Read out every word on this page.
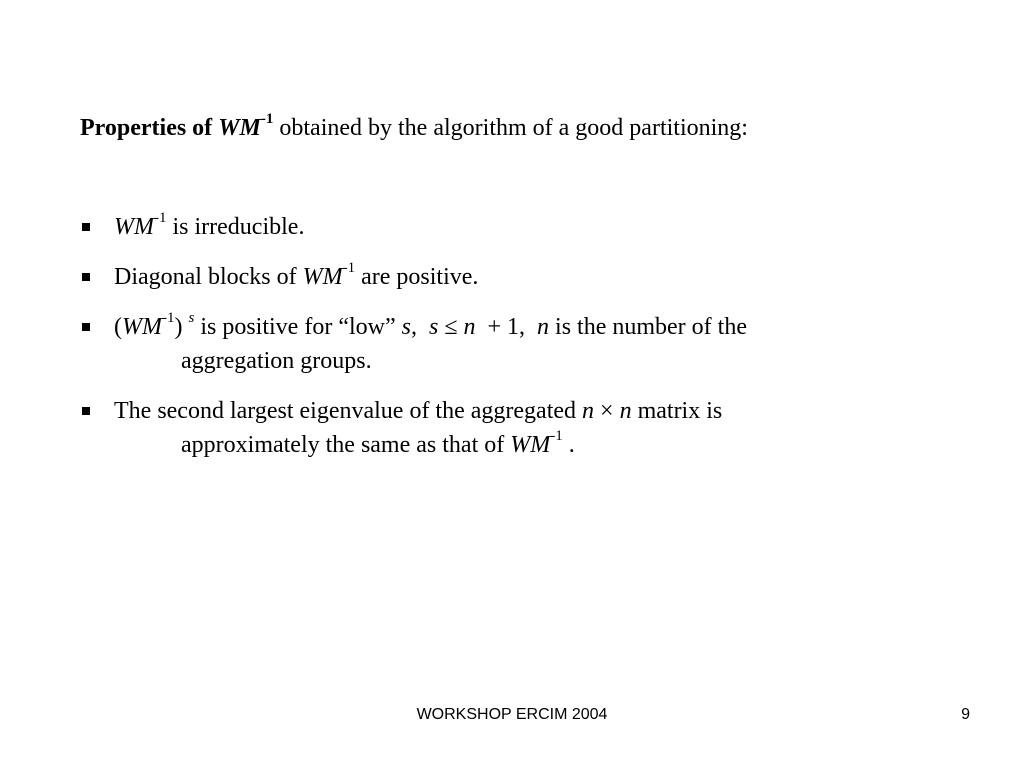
Properties of $WM^{-1}$ obtained by the algorithm of a good partitioning:
$WM^{-1}$ is irreducible.
Diagonal blocks of $WM^{-1}$ are positive.
$(WM^{-1})$ $^s$ is positive for “low” s,  s ≤ n  + 1,  n is the number of the
aggregation groups.
The second largest eigenvalue of the aggregated n × n matrix is
approximately the same as that of $WM^{-1}$ .
WORKSHOP ERCIM 2004	9
